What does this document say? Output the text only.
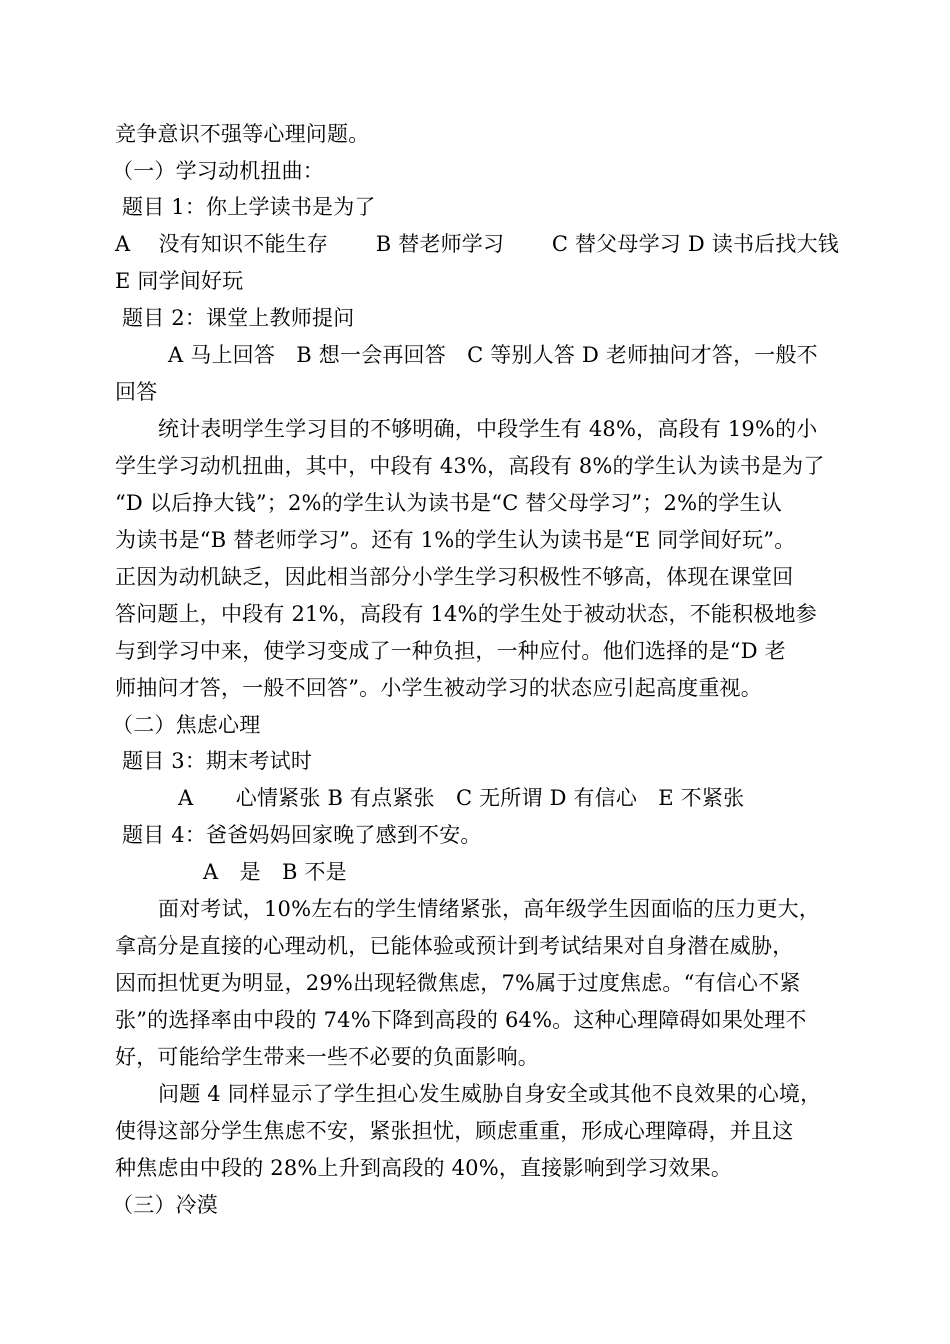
竞争意识不强等心理问题。

（一）学习动机扭曲：

题目 1：你上学读书是为了

A　 没有知识不能生存 B 替老师学习 C 替父母学习 D 读书后找大钱

E 同学间好玩

题目 2：课堂上教师提问

A 马上回答　B 想一会再回答　C 等别人答 D 老师抽问才答，一般不

回答

统计表明学生学习目的不够明确，中段学生有 48%，高段有 19%的小

学生学习动机扭曲，其中，中段有 43%，高段有 8%的学生认为读书是为了

“D 以后挣大钱”；2%的学生认为读书是“C 替父母学习”；2%的学生认

为读书是“B 替老师学习”。还有 1%的学生认为读书是“E 同学间好玩”。

正因为动机缺乏，因此相当部分小学生学习积极性不够高，体现在课堂回

答问题上，中段有 21%，高段有 14%的学生处于被动状态，不能积极地参

与到学习中来，使学习变成了一种负担，一种应付。他们选择的是“D 老

师抽问才答，一般不回答”。小学生被动学习的状态应引起高度重视。

（二）焦虑心理

题目 3：期末考试时

A　　心情紧张 B 有点紧张　C 无所谓 D 有信心　E 不紧张

题目 4：爸爸妈妈回家晚了感到不安。

A　是　B 不是

面对考试，10%左右的学生情绪紧张，高年级学生因面临的压力更大，

拿高分是直接的心理动机，已能体验或预计到考试结果对自身潜在威胁，

因而担忧更为明显，29%出现轻微焦虑，7%属于过度焦虑。“有信心不紧

张”的选择率由中段的 74%下降到高段的 64%。这种心理障碍如果处理不

好，可能给学生带来一些不必要的负面影响。

问题 4 同样显示了学生担心发生威胁自身安全或其他不良效果的心境，

使得这部分学生焦虑不安，紧张担忧，顾虑重重，形成心理障碍，并且这

种焦虑由中段的 28%上升到高段的 40%，直接影响到学习效果。

（三）冷漠
